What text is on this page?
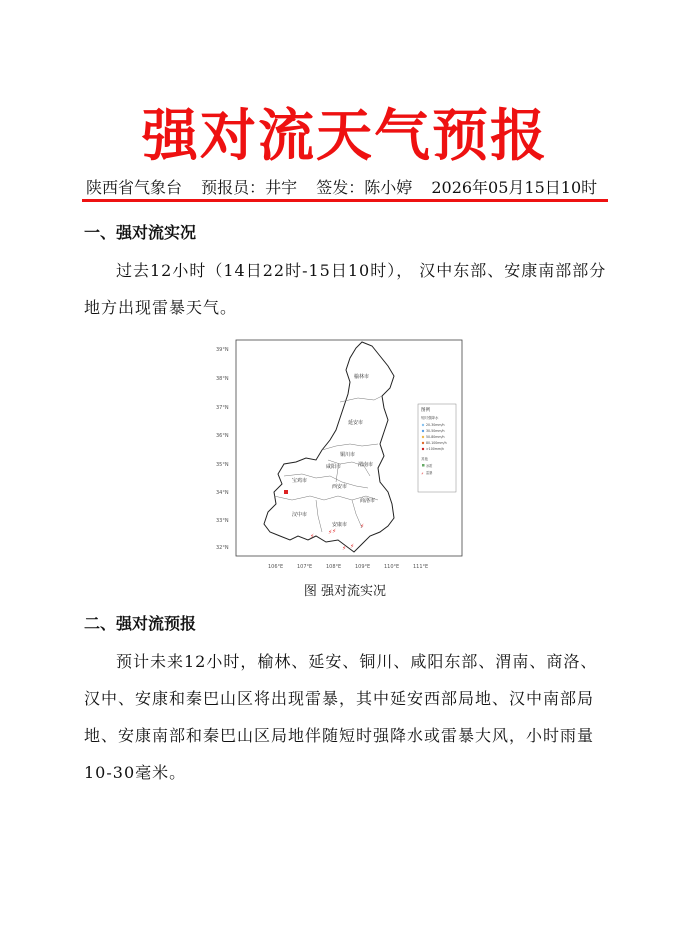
强对流天气预报
陕西省气象台 预报员：井宇 签发：陈小婷 2026年05月15日10时
一、强对流实况
过去12小时（14日22时-15日10时）， 汉中东部、安康南部部分地方出现雷暴天气。
39°N
38°N
37°N
36°N
35°N
34°N
33°N
32°N
106°E	107°E	108°E	109°E	110°E	111°E
榆林市
延安市
铜川市
咸阳市	渭南市
宝鸡市
西安市
商洛市
汉中市
安康市
⚡
⚡ ⚡
⚡
⚡ ⚡
图例
短时强降水
20-30mm/h
30-50mm/h
50-80mm/h
80-100mm/h
>100mm/h
其他
冰雹
⚡ 雷暴
图 强对流实况
二、强对流预报
预计未来12小时，榆林、延安、铜川、咸阳东部、渭南、商洛、汉中、安康和秦巴山区将出现雷暴，其中延安西部局地、汉中南部局地、安康南部和秦巴山区局地伴随短时强降水或雷暴大风，小时雨量10-30毫米。
